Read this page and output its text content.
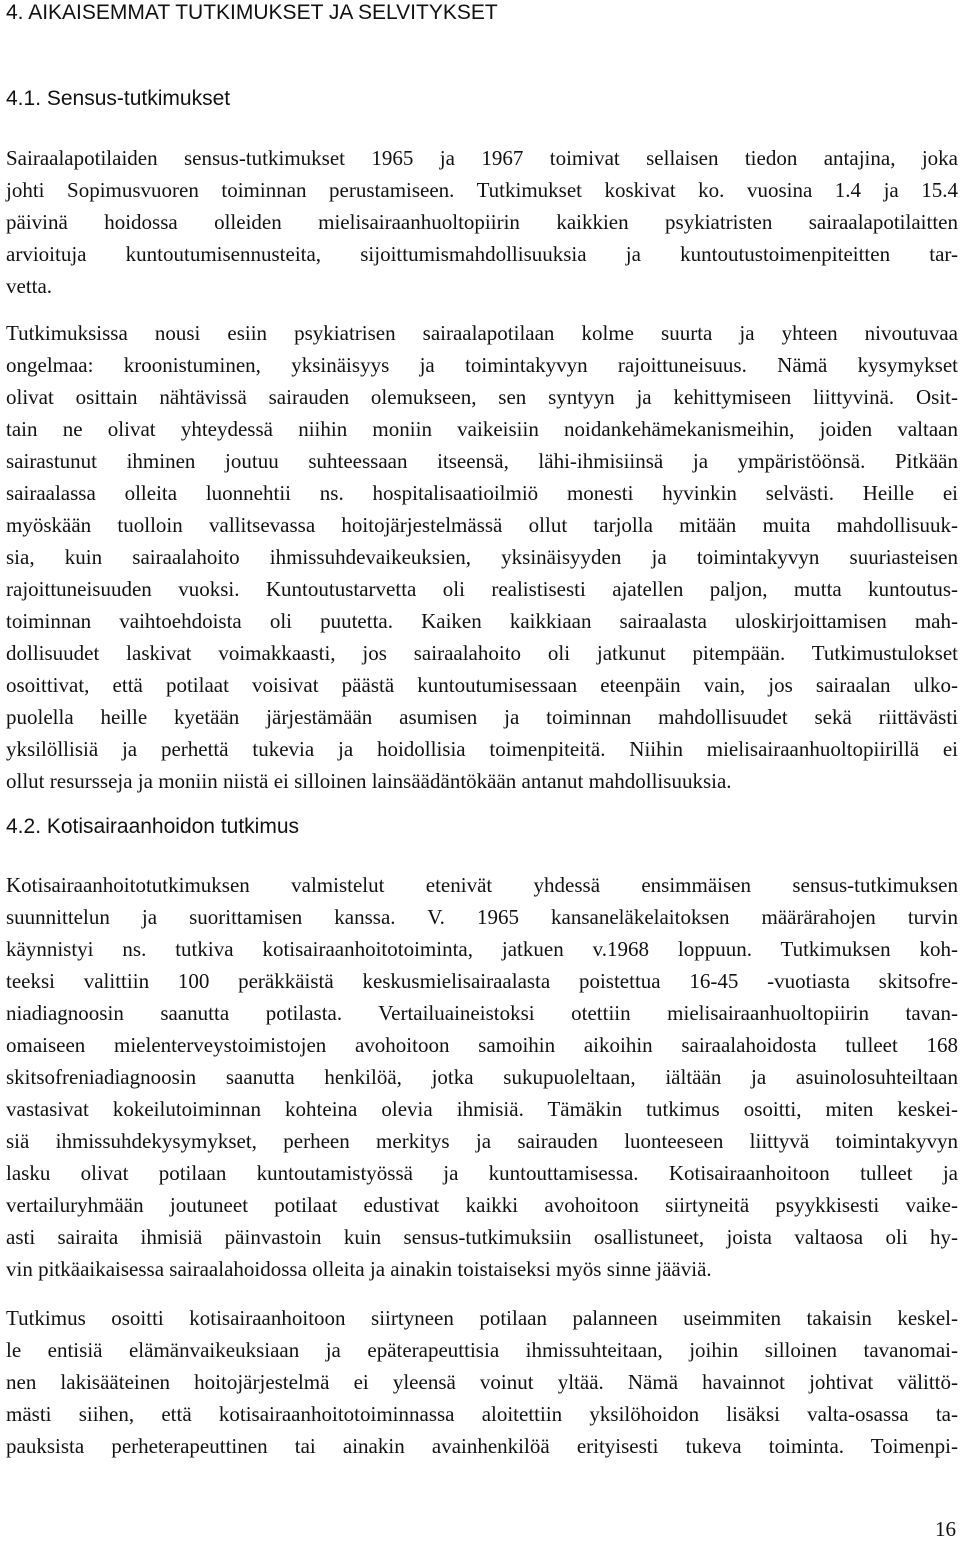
4. AIKAISEMMAT TUTKIMUKSET JA SELVITYKSET
4.1. Sensus-tutkimukset
Sairaalapotilaiden sensus-tutkimukset 1965 ja 1967 toimivat sellaisen tiedon antajina, joka
johti Sopimusvuoren toiminnan perustamiseen. Tutkimukset koskivat ko. vuosina 1.4 ja 15.4
päivinä hoidossa olleiden mielisairaanhuoltopiirin kaikkien psykiatristen sairaalapotilaitten
arvioituja kuntoutumisennusteita, sijoittumismahdollisuuksia ja kuntoutustoimenpiteitten tar-
vetta.
Tutkimuksissa nousi esiin psykiatrisen sairaalapotilaan kolme suurta ja yhteen nivoutuvaa
ongelmaa: kroonistuminen, yksinäisyys ja toimintakyvyn rajoittuneisuus. Nämä kysymykset
olivat osittain nähtävissä sairauden olemukseen, sen syntyyn ja kehittymiseen liittyvinä. Osit-
tain ne olivat yhteydessä niihin moniin vaikeisiin noidankehämekanismeihin, joiden valtaan
sairastunut ihminen joutuu suhteessaan itseensä, lähi-ihmisiinsä ja ympäristöönsä. Pitkään
sairaalassa olleita luonnehtii ns. hospitalisaatioilmiö monesti hyvinkin selvästi. Heille ei
myöskään tuolloin vallitsevassa hoitojärjestelmässä ollut tarjolla mitään muita mahdollisuuk-
sia, kuin sairaalahoito ihmissuhdevaikeuksien, yksinäisyyden ja toimintakyvyn suuriasteisen
rajoittuneisuuden vuoksi. Kuntoutustarvetta oli realistisesti ajatellen paljon, mutta kuntoutus-
toiminnan vaihtoehdoista oli puutetta. Kaiken kaikkiaan sairaalasta uloskirjoittamisen mah-
dollisuudet laskivat voimakkaasti, jos sairaalahoito oli jatkunut pitempään. Tutkimustulokset
osoittivat, että potilaat voisivat päästä kuntoutumisessaan eteenpäin vain, jos sairaalan ulko-
puolella heille kyetään järjestämään asumisen ja toiminnan mahdollisuudet sekä riittävästi
yksilöllisiä ja perhettä tukevia ja hoidollisia toimenpiteitä. Niihin mielisairaanhuoltopiirillä ei
ollut resursseja ja moniin niistä ei silloinen lainsäädäntökään antanut mahdollisuuksia.
4.2. Kotisairaanhoidon tutkimus
Kotisairaanhoitotutkimuksen valmistelut etenivät yhdessä ensimmäisen sensus-tutkimuksen
suunnittelun ja suorittamisen kanssa. V. 1965 kansaneläkelaitoksen määrärahojen turvin
käynnistyi ns. tutkiva kotisairaanhoitotoiminta, jatkuen v.1968 loppuun. Tutkimuksen koh-
teeksi valittiin 100 peräkkäistä keskusmielisairaalasta poistettua 16-45 -vuotiasta skitsofre-
niadiagnoosin saanutta potilasta. Vertailuaineistoksi otettiin mielisairaanhuoltopiirin tavan-
omaiseen mielenterveystoimistojen avohoitoon samoihin aikoihin sairaalahoidosta tulleet 168
skitsofreniadiagnoosin saanutta henkilöä, jotka sukupuoleltaan, iältään ja asuinolosuhteiltaan
vastasivat kokeilutoiminnan kohteina olevia ihmisiä. Tämäkin tutkimus osoitti, miten keskei-
siä ihmissuhdekysymykset, perheen merkitys ja sairauden luonteeseen liittyvä toimintakyvyn
lasku olivat potilaan kuntoutamistyössä ja kuntouttamisessa. Kotisairaanhoitoon tulleet ja
vertailuryhmään joutuneet potilaat edustivat kaikki avohoitoon siirtyneitä psyykkisesti vaike-
asti sairaita ihmisiä päinvastoin kuin sensus-tutkimuksiin osallistuneet, joista valtaosa oli hy-
vin pitkäaikaisessa sairaalahoidossa olleita ja ainakin toistaiseksi myös sinne jääviä.
Tutkimus osoitti kotisairaanhoitoon siirtyneen potilaan palanneen useimmiten takaisin keskel-
le entisiä elämänvaikeuksiaan ja epäterapeuttisia ihmissuhteitaan, joihin silloinen tavanomai-
nen lakisääteinen hoitojärjestelmä ei yleensä voinut yltää. Nämä havainnot johtivat välittö-
mästi siihen, että kotisairaanhoitotoiminnassa aloitettiin yksilöhoidon lisäksi valta-osassa ta-
pauksista perheterapeuttinen tai ainakin avainhenkilöä erityisesti tukeva toiminta. Toimenpi-

16
